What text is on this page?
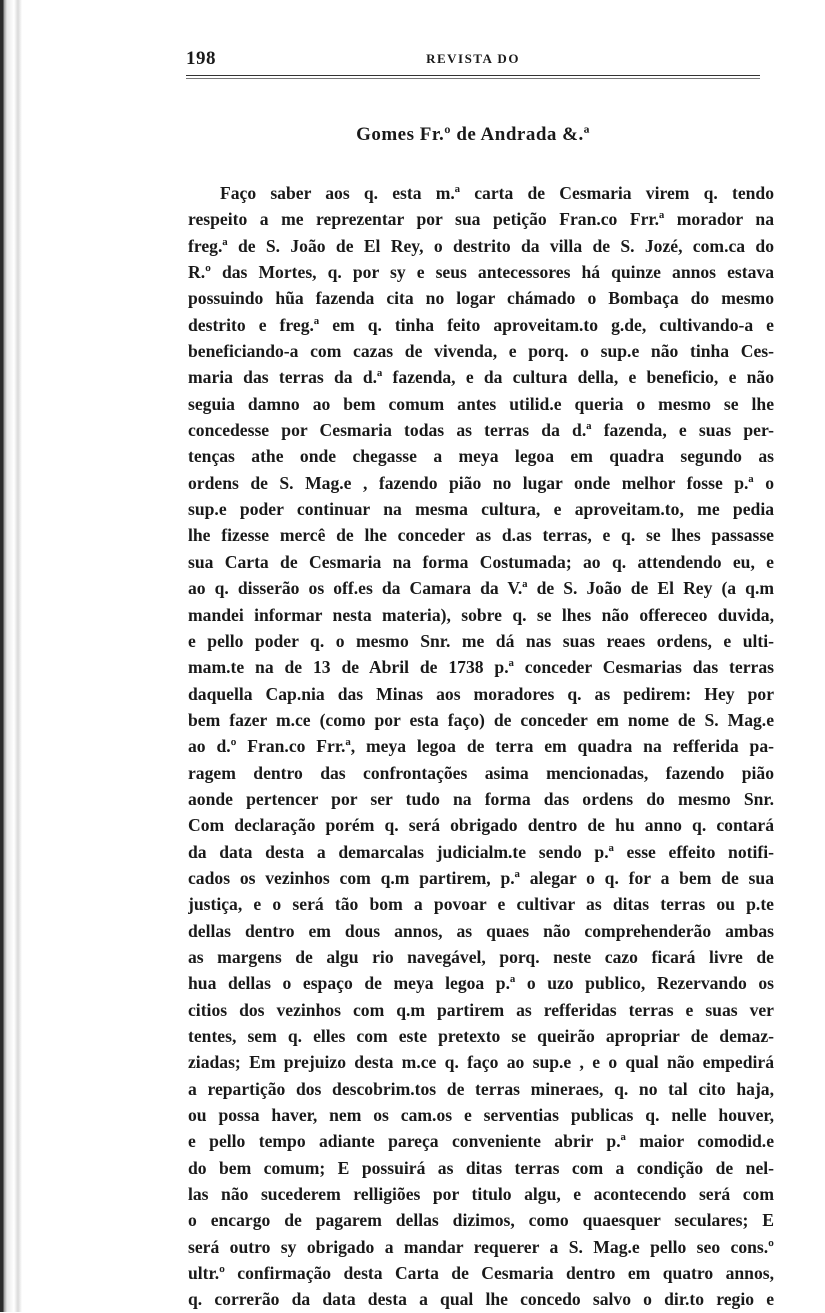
198	REVISTA DO
Gomes Fr.º de Andrada &.ª
Faço saber aos q. esta m.ª carta de Cesmaria virem q. tendo
respeito a me reprezentar por sua petição Fran.co Frr.ª morador na
freg.ª de S. João de El Rey, o destrito da villa de S. Jozé, com.ca do
R.º das Mortes, q. por sy e seus antecessores há quinze annos estava
possuindo hũa fazenda cita no logar chámado o Bombaça do mesmo
destrito e freg.ª em q. tinha feito aproveitam.to g.de, cultivando-a e
beneficiando-a com cazas de vivenda, e porq. o sup.e não tinha Ces-
maria das terras da d.ª fazenda, e da cultura della, e beneficio, e não
seguia damno ao bem comum antes utilid.e queria o mesmo se lhe
concedesse por Cesmaria todas as terras da d.ª fazenda, e suas per-
tenças athe onde chegasse a meya legoa em quadra segundo as
ordens de S. Mag.e , fazendo pião no lugar onde melhor fosse p.ª o
sup.e poder continuar na mesma cultura, e aproveitam.to, me pedia
lhe fizesse mercê de lhe conceder as d.as terras, e q. se lhes passasse
sua Carta de Cesmaria na forma Costumada; ao q. attendendo eu, e
ao q. disserão os off.es da Camara da V.ª de S. João de El Rey (a q.m
mandei informar nesta materia), sobre q. se lhes não offereceo duvida,
e pello poder q. o mesmo Snr. me dá nas suas reaes ordens, e ulti-
mam.te na de 13 de Abril de 1738 p.ª conceder Cesmarias das terras
daquella Cap.nia das Minas aos moradores q. as pedirem: Hey por
bem fazer m.ce (como por esta faço) de conceder em nome de S. Mag.e
ao d.º Fran.co Frr.ª, meya legoa de terra em quadra na refferida pa-
ragem dentro das confrontações asima mencionadas, fazendo pião
aonde pertencer por ser tudo na forma das ordens do mesmo Snr.
Com declaração porém q. será obrigado dentro de hu anno q. contará
da data desta a demarcalas judicialm.te sendo p.ª esse effeito notifi-
cados os vezinhos com q.m partirem, p.ª alegar o q. for a bem de sua
justiça, e o será tão bom a povoar e cultivar as ditas terras ou p.te
dellas dentro em dous annos, as quaes não comprehenderão ambas
as margens de algu rio navegável, porq. neste cazo ficará livre de
hua dellas o espaço de meya legoa p.ª o uzo publico, Rezervando os
citios dos vezinhos com q.m partirem as refferidas terras e suas ver
tentes, sem q. elles com este pretexto se queirão apropriar de demaz-
ziadas; Em prejuizo desta m.ce q. faço ao sup.e , e o qual não empedirá
a repartição dos descobrim.tos de terras mineraes, q. no tal cito haja,
ou possa haver, nem os cam.os e serventias publicas q. nelle houver,
e pello tempo adiante pareça conveniente abrir p.ª maior comodid.e
do bem comum; E possuirá as ditas terras com a condição de nel-
las não sucederem relligiões por titulo algu, e acontecendo será com
o encargo de pagarem dellas dizimos, como quaesquer seculares; E
será outro sy obrigado a mandar requerer a S. Mag.e pello seo cons.º
ultr.º confirmação desta Carta de Cesmaria dentro em quatro annos,
q. correrão da data desta a qual lhe concedo salvo o dir.to regio e
